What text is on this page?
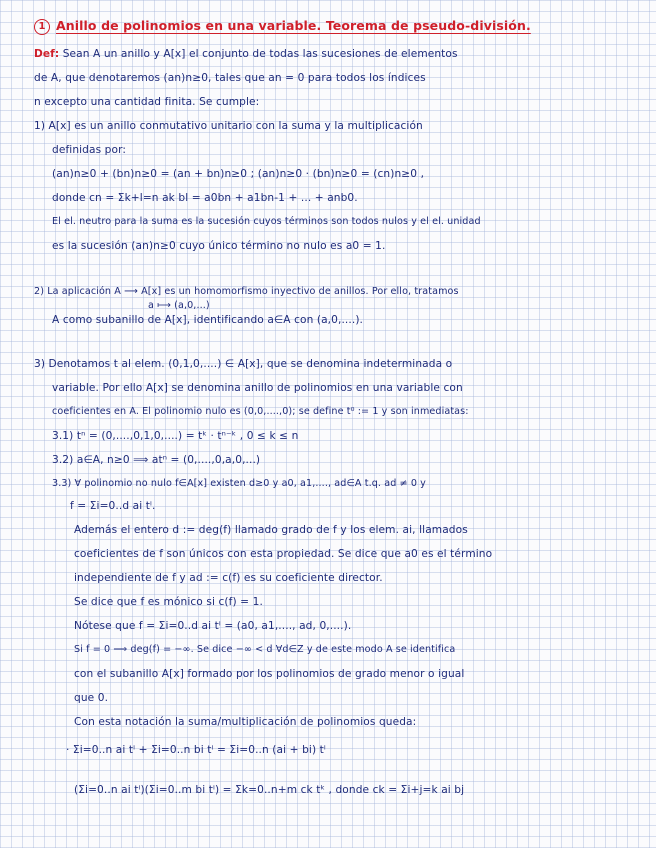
1 Anillo de polinomios en una variable. Teorema de pseudo-división.
Def: Sean A un anillo y A[x] el conjunto de todas las sucesiones de elementos
de A, que denotaremos (an)n≥0, tales que an = 0 para todos los índices
n excepto una cantidad finita. Se cumple:
1) A[x] es un anillo conmutativo unitario con la suma y la multiplicación
definidas por:
(an)n≥0 + (bn)n≥0 = (an + bn)n≥0 ; (an)n≥0 · (bn)n≥0 = (cn)n≥0 ,
donde cn = Σk+l=n ak bl = a0bn + a1bn-1 + ... + anb0.
El el. neutro para la suma es la sucesión cuyos términos son todos nulos y el el. unidad
es la sucesión (an)n≥0 cuyo único término no nulo es a0 = 1.
2) La aplicación A ⟶ A[x] es un homomorfismo inyectivo de anillos. Por ello, tratamos
a ⟼ (a,0,...)
A como subanillo de A[x], identificando a∈A con (a,0,....).
3) Denotamos t al elem. (0,1,0,....) ∈ A[x], que se denomina indeterminada o
variable. Por ello A[x] se denomina anillo de polinomios en una variable con
coeficientes en A. El polinomio nulo es (0,0,....,0); se define t⁰ := 1 y son inmediatas:
3.1) tⁿ = (0,....,0,1,0,....) = tᵏ · tⁿ⁻ᵏ , 0 ≤ k ≤ n
3.2) a∈A, n≥0 ⟹ atⁿ = (0,....,0,a,0,...)
3.3) ∀ polinomio no nulo f∈A[x] existen d≥0 y a0, a1,...., ad∈A t.q. ad ≠ 0 y
f = Σi=0..d ai tⁱ.
Además el entero d := deg(f) llamado grado de f y los elem. ai, llamados
coeficientes de f son únicos con esta propiedad. Se dice que a0 es el término
independiente de f y ad := c(f) es su coeficiente director.
Se dice que f es mónico si c(f) = 1.
Nótese que f = Σi=0..d ai tⁱ = (a0, a1,...., ad, 0,....).
Si f = 0 ⟹ deg(f) = −∞. Se dice −∞ < d ∀d∈Z y de este modo A se identifica
con el subanillo A[x] formado por los polinomios de grado menor o igual
que 0.
Con esta notación la suma/multiplicación de polinomios queda:
· Σi=0..n ai tⁱ + Σi=0..n bi tⁱ = Σi=0..n (ai + bi) tⁱ
(Σi=0..n ai tⁱ)(Σi=0..m bi tⁱ) = Σk=0..n+m ck tᵏ , donde ck = Σi+j=k ai bj
